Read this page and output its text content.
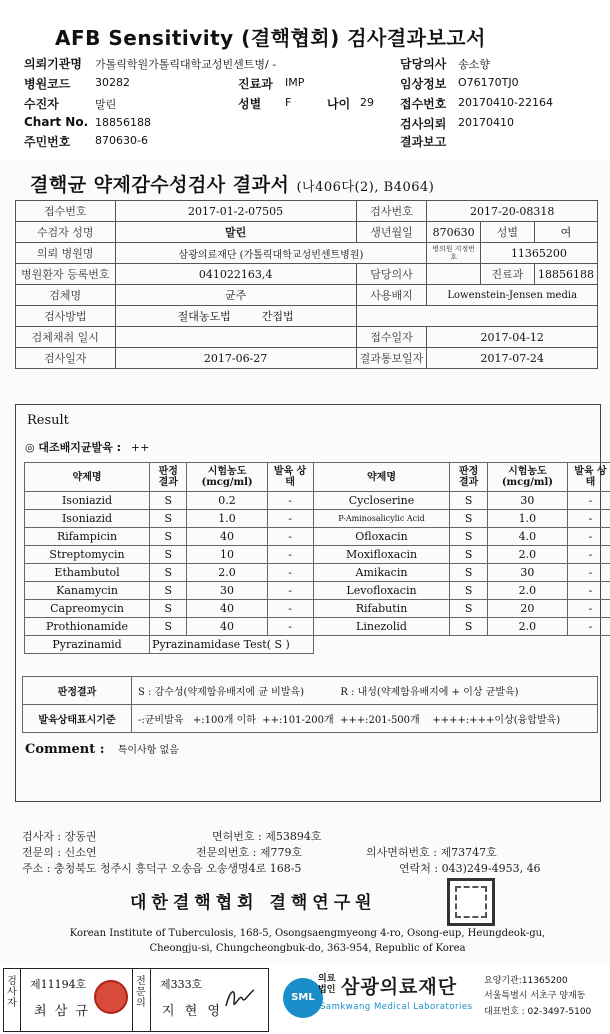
AFB Sensitivity (결핵협회) 검사결과보고서
의뢰기관명 가톨릭학원가톨릭대학교성빈센트병/ -	담당의사 송소향
병원코드 30282	진료과 IMP	임상정보 O76170TJ0
수진자	말린	성별 F	나이 29 접수번호 20170410-22164
Chart No. 18856188	검사의뢰 20170410
주민번호 870630-6	결과보고
결핵균 약제감수성검사 결과서 (나406다(2), B4064)
접수번호	2017-01-2-07505	검사번호	2017-20-08318		
수검자 성명	말린	생년월일	870630	성별	여
의뢰 병원명	삼광의료재단 (가톨릭대학교성빈센트병원)		병의원 지정번호	11365200	
병원환자 등록번호	041022163,4	담당의사		진료과	18856188
검체명	균주	사용배지	Lowenstein-Jensen media		
검사방법	절대농도법 간접법				
검체채취 일시		접수일자	2017-04-12		
검사일자	2017-06-27	결과통보일자	2017-07-24		
Result
◎ 대조배지균발육 : ++
약제명	판정 결과	시험농도 (mcg/ml)	발육 상태	약제명	판정 결과	시험농도 (mcg/ml)	발육 상태
Isoniazid	S	0.2	-	Cycloserine	S	30	-
Isoniazid	S	1.0	-	P-Aminosalicylic Acid	S	1.0	-
Rifampicin	S	40	-	Ofloxacin	S	4.0	-
Streptomycin	S	10	-	Moxifloxacin	S	2.0	-
Ethambutol	S	2.0	-	Amikacin	S	30	-
Kanamycin	S	30	-	Levofloxacin	S	2.0	-
Capreomycin	S	40	-	Rifabutin	S	20	-
Prothionamide	S	40	-	Linezolid	S	2.0	-
Pyrazinamid	Pyrazinamidase Test( S )						
판정결과	S : 감수성(약제함유배지에 균 비발육) R : 내성(약제함유배지에 + 이상 균발육)
발육상태표시기준	-:균비발육   +:100개 이하  ++:101-200개  +++:201-500개    ++++:+++이상(융합발육)
Comment : 특이사항 없음
검사자 : 장동권	면허번호 : 제53894호
전문의 : 신소연	전문의번호 : 제779호	의사면허번호 : 제73747호
주소 : 충청북도 청주시 흥덕구 오송읍 오송생명4로 168-5	연락처 : 043)249-4953, 46
대한결핵협회 결핵연구원
Korean Institute of Tuberculosis, 168-5, Osongsaengmyeong 4-ro, Osong-eup, Heungdeok-gu,
Cheongju-si, Chungcheongbuk-do, 363-954, Republic of Korea
검사자
제11194호
최 삼 규
전문의
제333호
지 현 영
SML
의료 법인 삼광의료재단
Samkwang Medical Laboratories
요양기관:11365200
서울특별시 서초구 양재동
대표번호 : 02-3497-5100
